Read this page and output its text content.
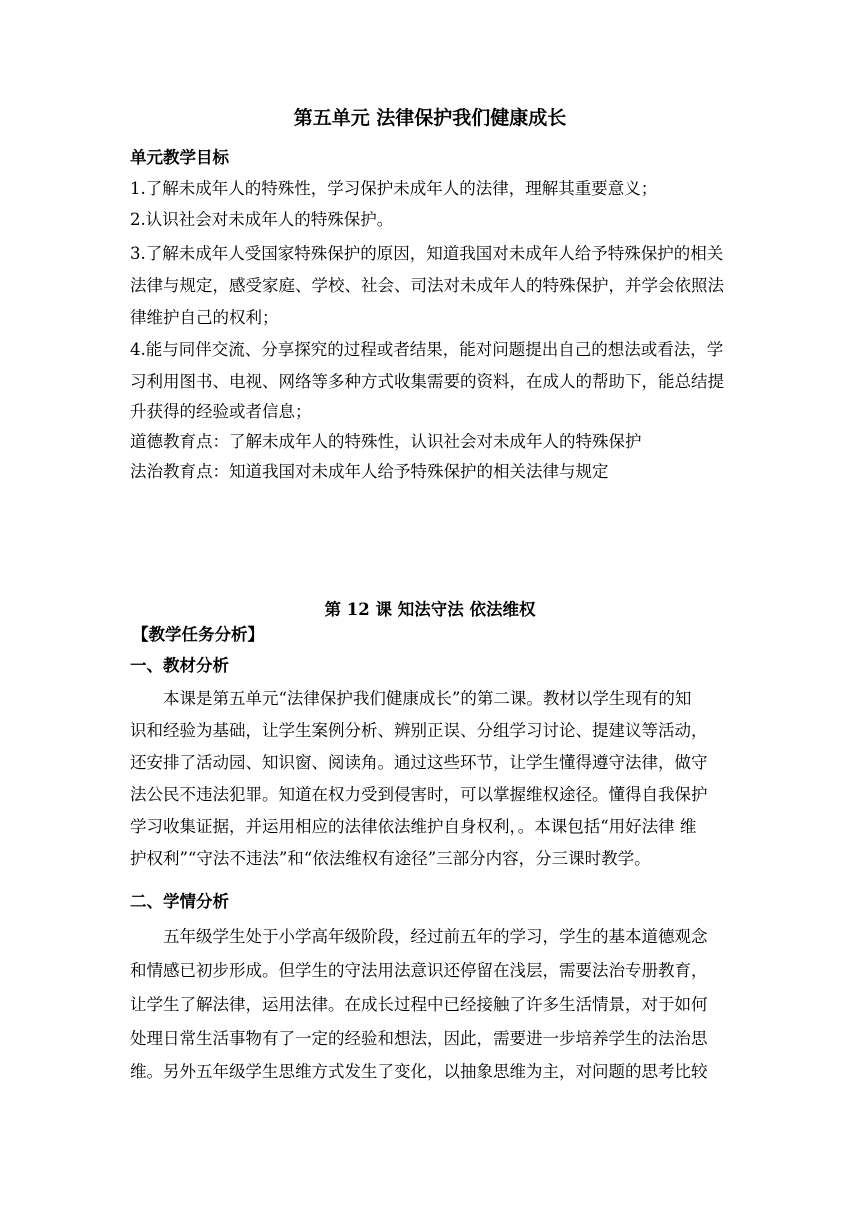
第五单元 法律保护我们健康成长
单元教学目标
1.了解未成年人的特殊性，学习保护未成年人的法律，理解其重要意义；
2.认识社会对未成年人的特殊保护。
3.了解未成年人受国家特殊保护的原因，知道我国对未成年人给予特殊保护的相关
法律与规定，感受家庭、学校、社会、司法对未成年人的特殊保护，并学会依照法
律维护自己的权利；
4.能与同伴交流、分享探究的过程或者结果，能对问题提出自己的想法或看法，学
习利用图书、电视、网络等多种方式收集需要的资料，在成人的帮助下，能总结提
升获得的经验或者信息；
道德教育点：了解未成年人的特殊性，认识社会对未成年人的特殊保护
法治教育点：知道我国对未成年人给予特殊保护的相关法律与规定
第 12 课 知法守法 依法维权
【教学任务分析】
一、教材分析
本课是第五单元“法律保护我们健康成长”的第二课。教材以学生现有的知
识和经验为基础，让学生案例分析、辨别正误、分组学习讨论、提建议等活动，
还安排了活动园、知识窗、阅读角。通过这些环节，让学生懂得遵守法律，做守
法公民不违法犯罪。知道在权力受到侵害时，可以掌握维权途径。懂得自我保护
学习收集证据，并运用相应的法律依法维护自身权利，。本课包括“用好法律 维
护权利”“守法不违法”和“依法维权有途径”三部分内容，分三课时教学。
二、学情分析
五年级学生处于小学高年级阶段，经过前五年的学习，学生的基本道德观念
和情感已初步形成。但学生的守法用法意识还停留在浅层，需要法治专册教育，
让学生了解法律，运用法律。在成长过程中已经接触了许多生活情景，对于如何
处理日常生活事物有了一定的经验和想法，因此，需要进一步培养学生的法治思
维。另外五年级学生思维方式发生了变化，以抽象思维为主，对问题的思考比较
